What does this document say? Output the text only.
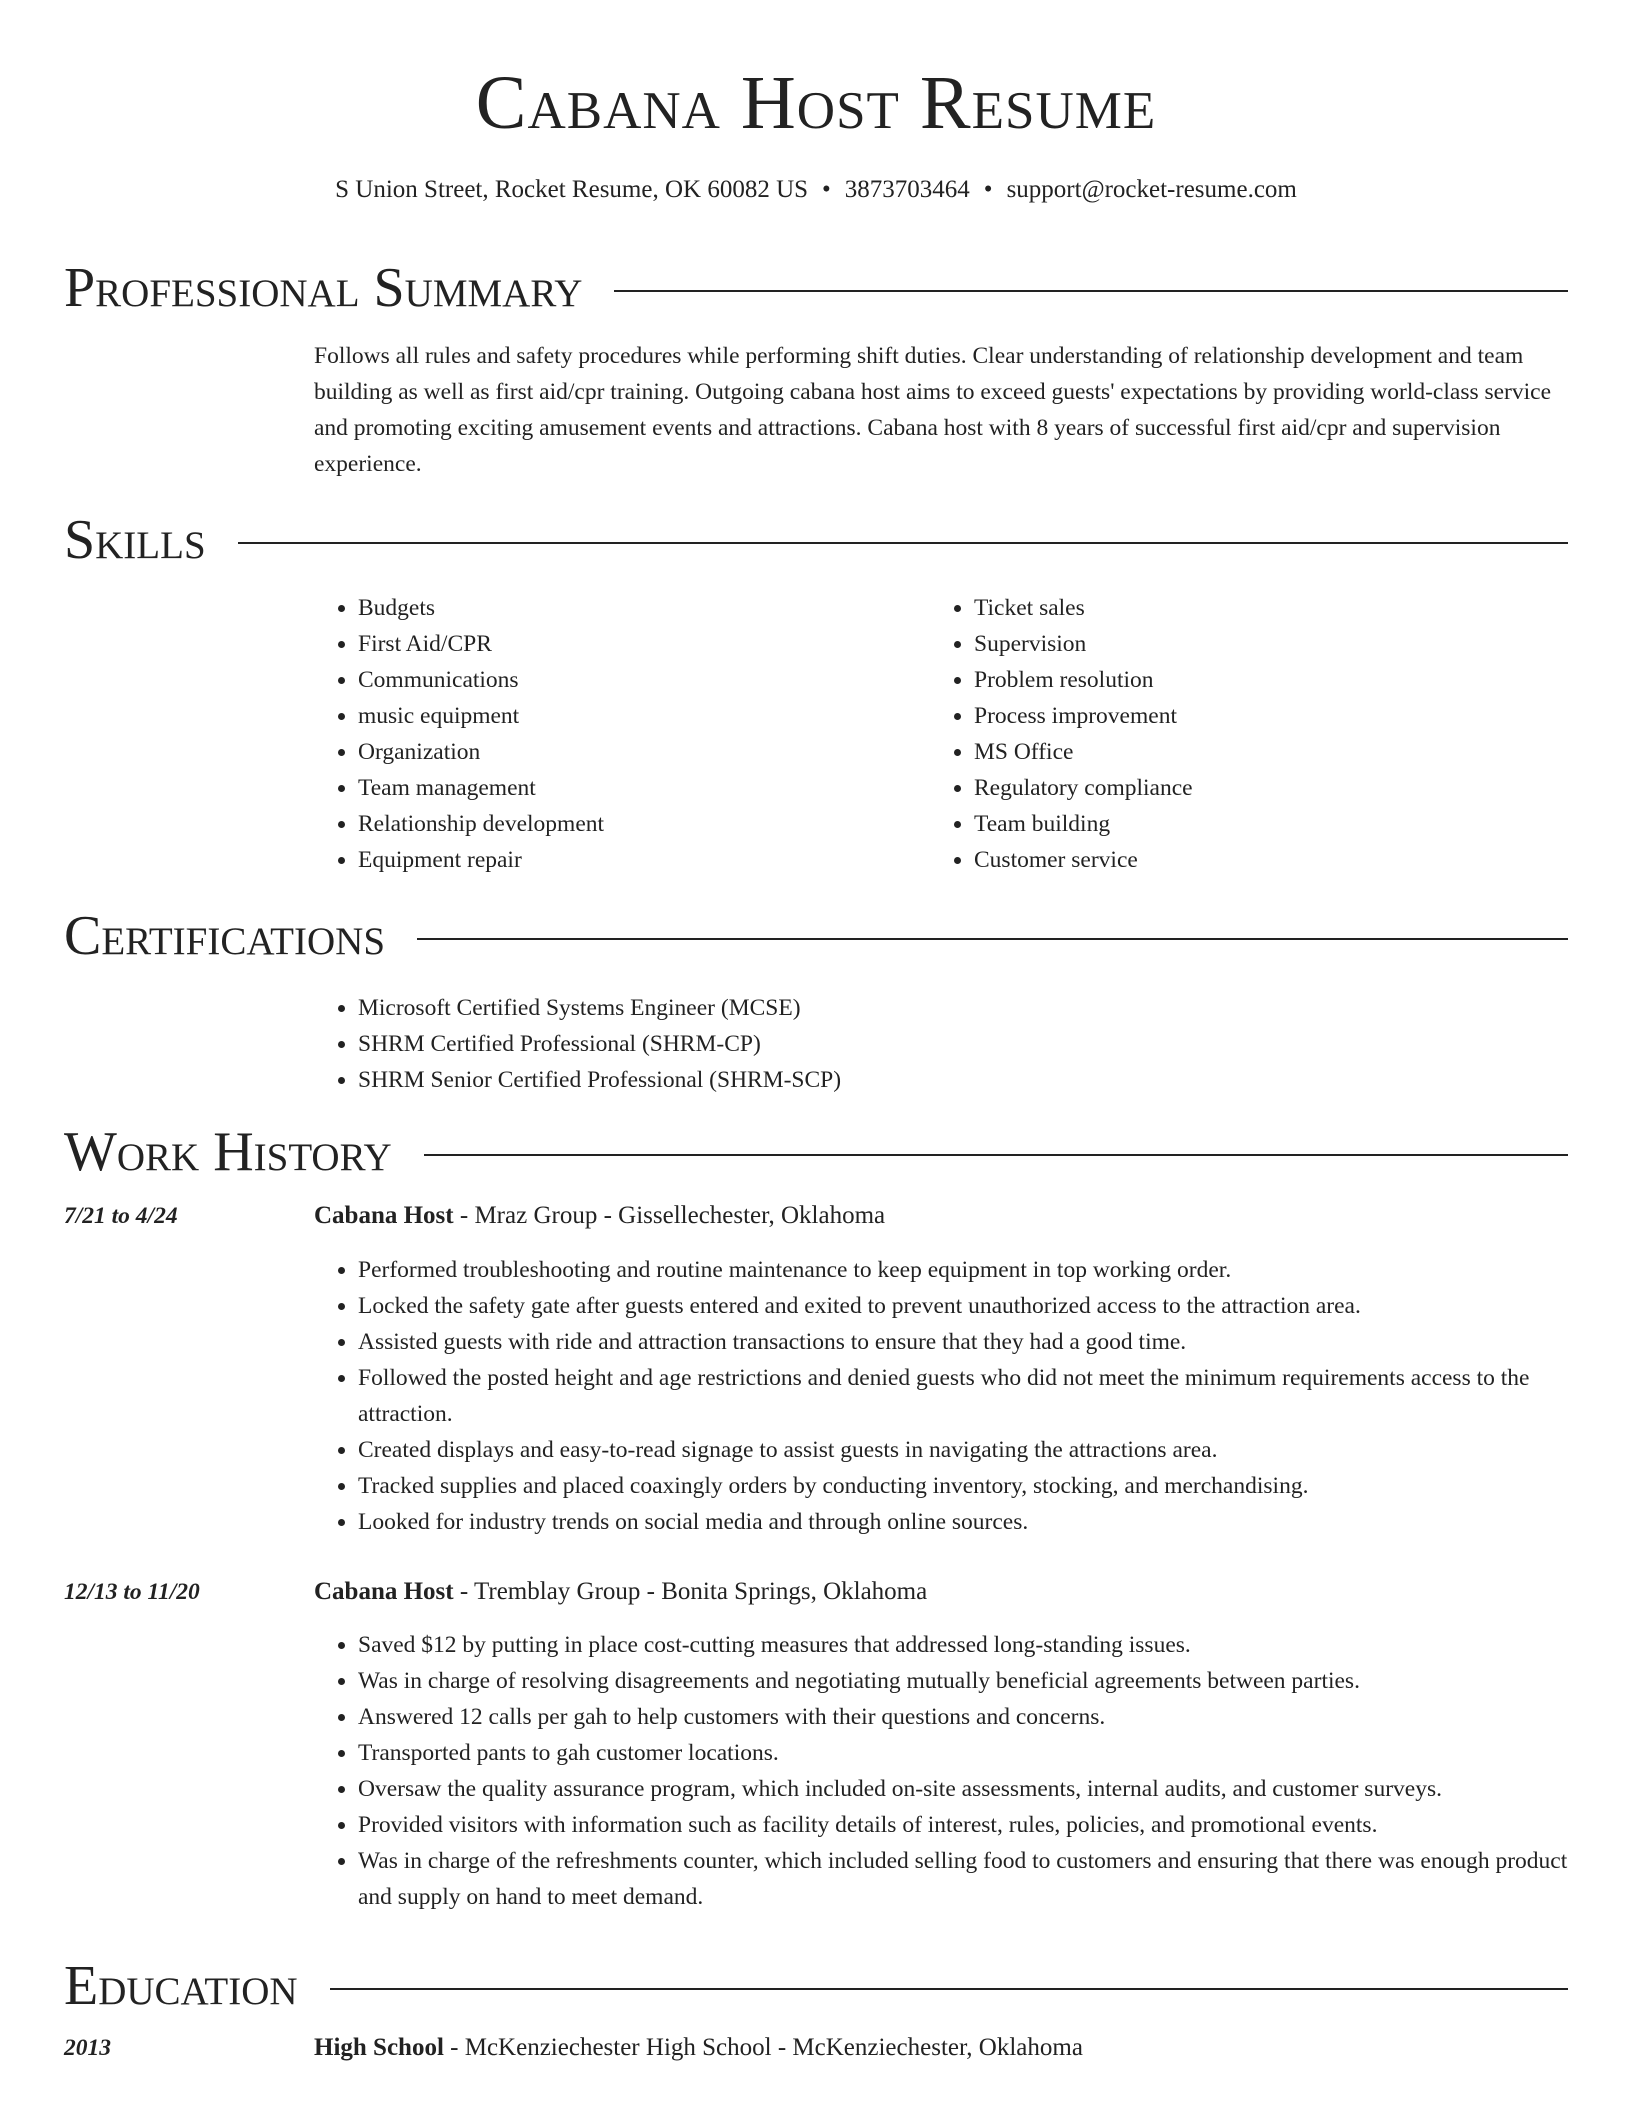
Cabana Host Resume
S Union Street, Rocket Resume, OK 60082 US • 3873703464 • support@rocket-resume.com
Professional Summary
Follows all rules and safety procedures while performing shift duties. Clear understanding of relationship development and team building as well as first aid/cpr training. Outgoing cabana host aims to exceed guests' expectations by providing world-class service and promoting exciting amusement events and attractions. Cabana host with 8 years of successful first aid/cpr and supervision experience.
Skills
• Budgets
• First Aid/CPR
• Communications
• music equipment
• Organization
• Team management
• Relationship development
• Equipment repair
• Ticket sales
• Supervision
• Problem resolution
• Process improvement
• MS Office
• Regulatory compliance
• Team building
• Customer service
Certifications
• Microsoft Certified Systems Engineer (MCSE)
• SHRM Certified Professional (SHRM-CP)
• SHRM Senior Certified Professional (SHRM-SCP)
Work History
7/21 to 4/24	Cabana Host - Mraz Group - Gissellechester, Oklahoma
• Performed troubleshooting and routine maintenance to keep equipment in top working order.
• Locked the safety gate after guests entered and exited to prevent unauthorized access to the attraction area.
• Assisted guests with ride and attraction transactions to ensure that they had a good time.
• Followed the posted height and age restrictions and denied guests who did not meet the minimum requirements access to the attraction.
• Created displays and easy-to-read signage to assist guests in navigating the attractions area.
• Tracked supplies and placed coaxingly orders by conducting inventory, stocking, and merchandising.
• Looked for industry trends on social media and through online sources.
12/13 to 11/20	Cabana Host - Tremblay Group - Bonita Springs, Oklahoma
• Saved $12 by putting in place cost-cutting measures that addressed long-standing issues.
• Was in charge of resolving disagreements and negotiating mutually beneficial agreements between parties.
• Answered 12 calls per gah to help customers with their questions and concerns.
• Transported pants to gah customer locations.
• Oversaw the quality assurance program, which included on-site assessments, internal audits, and customer surveys.
• Provided visitors with information such as facility details of interest, rules, policies, and promotional events.
• Was in charge of the refreshments counter, which included selling food to customers and ensuring that there was enough product and supply on hand to meet demand.
Education
2013	High School - McKenziechester High School - McKenziechester, Oklahoma
